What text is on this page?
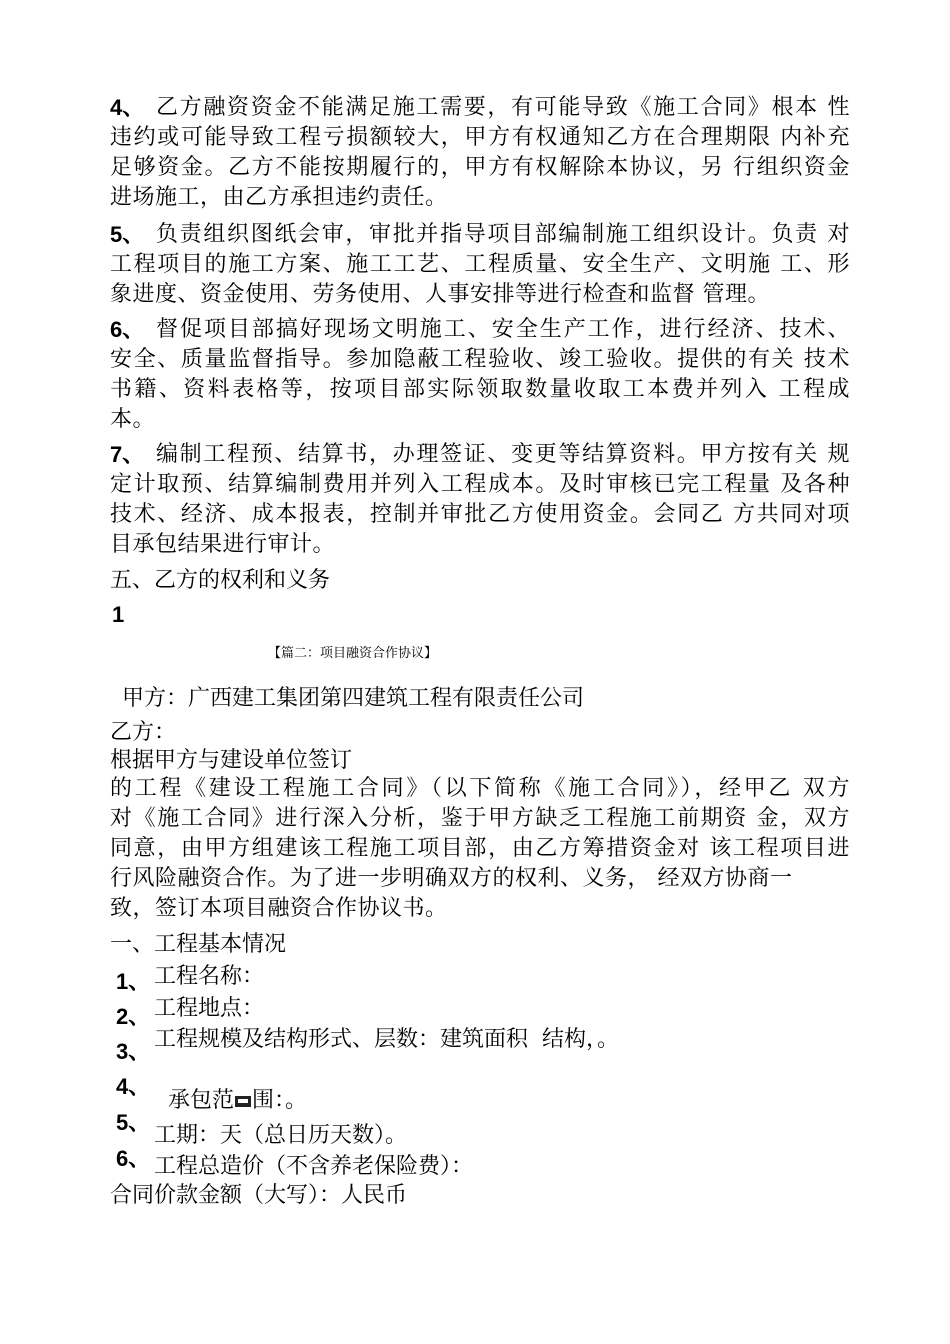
4、 乙方融资资金不能满足施工需要，有可能导致《施工合同》根本 性

违约或可能导致工程亏损额较大，甲方有权通知乙方在合理期限 内补充

足够资金。乙方不能按期履行的，甲方有权解除本协议，另 行组织资金

进场施工，由乙方承担违约责任。

5、 负责组织图纸会审，审批并指导项目部编制施工组织设计。负责 对

工程项目的施工方案、施工工艺、工程质量、安全生产、文明施 工、形

象进度、资金使用、劳务使用、人事安排等进行检查和监督 管理。

6、 督促项目部搞好现场文明施工、安全生产工作，进行经济、技术、

安全、质量监督指导。参加隐蔽工程验收、竣工验收。提供的有关 技术

书籍、资料表格等，按项目部实际领取数量收取工本费并列入 工程成

本。

7、 编制工程预、结算书，办理签证、变更等结算资料。甲方按有关 规

定计取预、结算编制费用并列入工程成本。及时审核已完工程量 及各种

技术、经济、成本报表，控制并审批乙方使用资金。会同乙 方共同对项

目承包结果进行审计。

五、乙方的权利和义务
1
【篇二：项目融资合作协议】
甲方：广西建工集团第四建筑工程有限责任公司
乙方：
根据甲方与建设单位签订

的工程《建设工程施工合同》（以下简称《施工合同》），经甲乙 双方

对《施工合同》进行深入分析，鉴于甲方缺乏工程施工前期资 金，双方

同意，由甲方组建该工程施工项目部，由乙方筹措资金对 该工程项目进

行风险融资合作。为了进一步明确双方的权利、义务， 经双方协商一

致，签订本项目融资合作协议书。

一、工程基本情况
1、
2、
3、
4、
5、
6、
工程名称：
工程地点：
工程规模及结构形式、层数：建筑面积  结构，。

承包范 围：。

工期：天（总日历天数）。
工程总造价（不含养老保险费）：
合同价款金额（大写）：人民币
